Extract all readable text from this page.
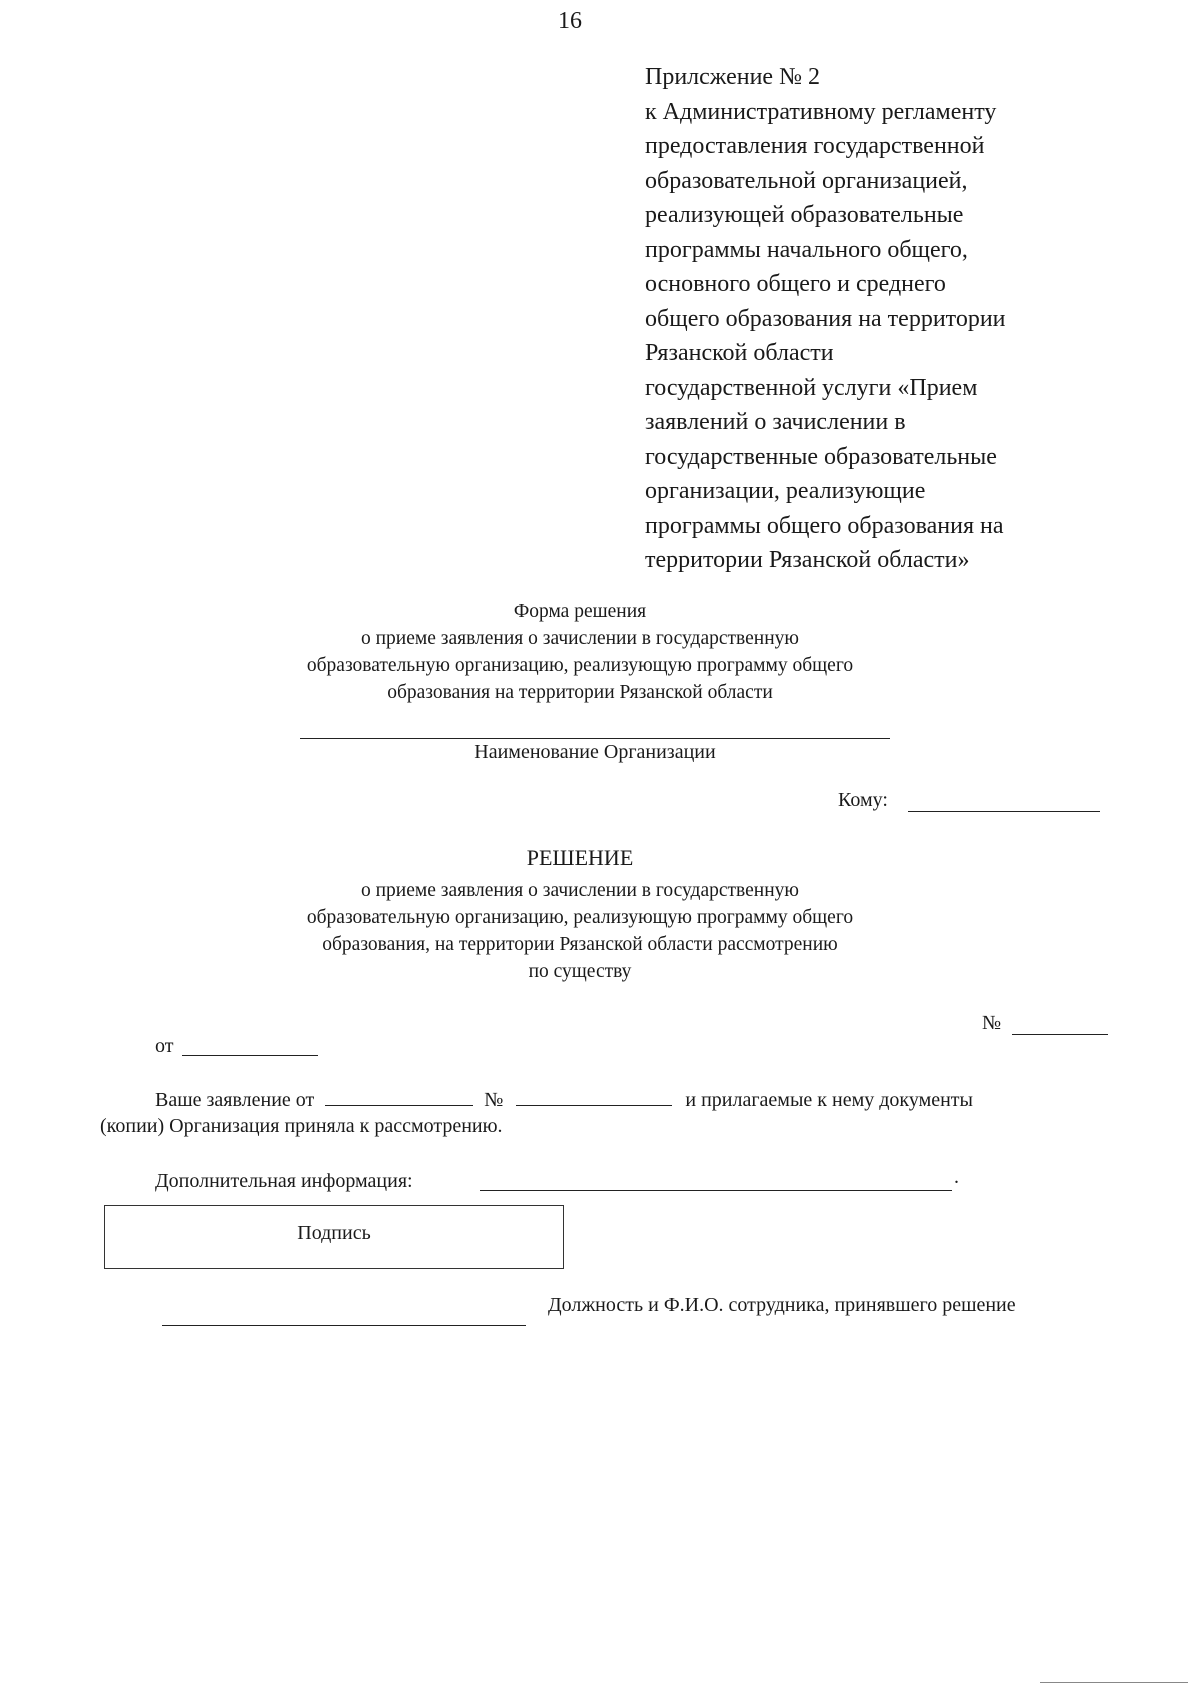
16
Прилсжение № 2
к Административному регламенту
предоставления государственной
образовательной организацией,
реализующей образовательные
программы начального общего,
основного общего и среднего
общего образования на территории
Рязанской области
государственной услуги «Прием
заявлений о зачислении в
государственные образовательные
организации, реализующие
программы общего образования на
территории Рязанской области»
Форма решения
о приеме заявления о зачислении в государственную
образовательную организацию, реализующую программу общего
образования на территории Рязанской области
Наименование Организации
Кому:
РЕШЕНИЕ
о приеме заявления о зачислении в государственную
образовательную организацию, реализующую программу общего
образования, на территории Рязанской области рассмотрению
по существу
№
от
Ваше заявление от	№	и прилагаемые к нему документы
(копии) Организация приняла к рассмотрению.
Дополнительная информация:	.
Подпись
Должность и Ф.И.О. сотрудника, принявшего решение
